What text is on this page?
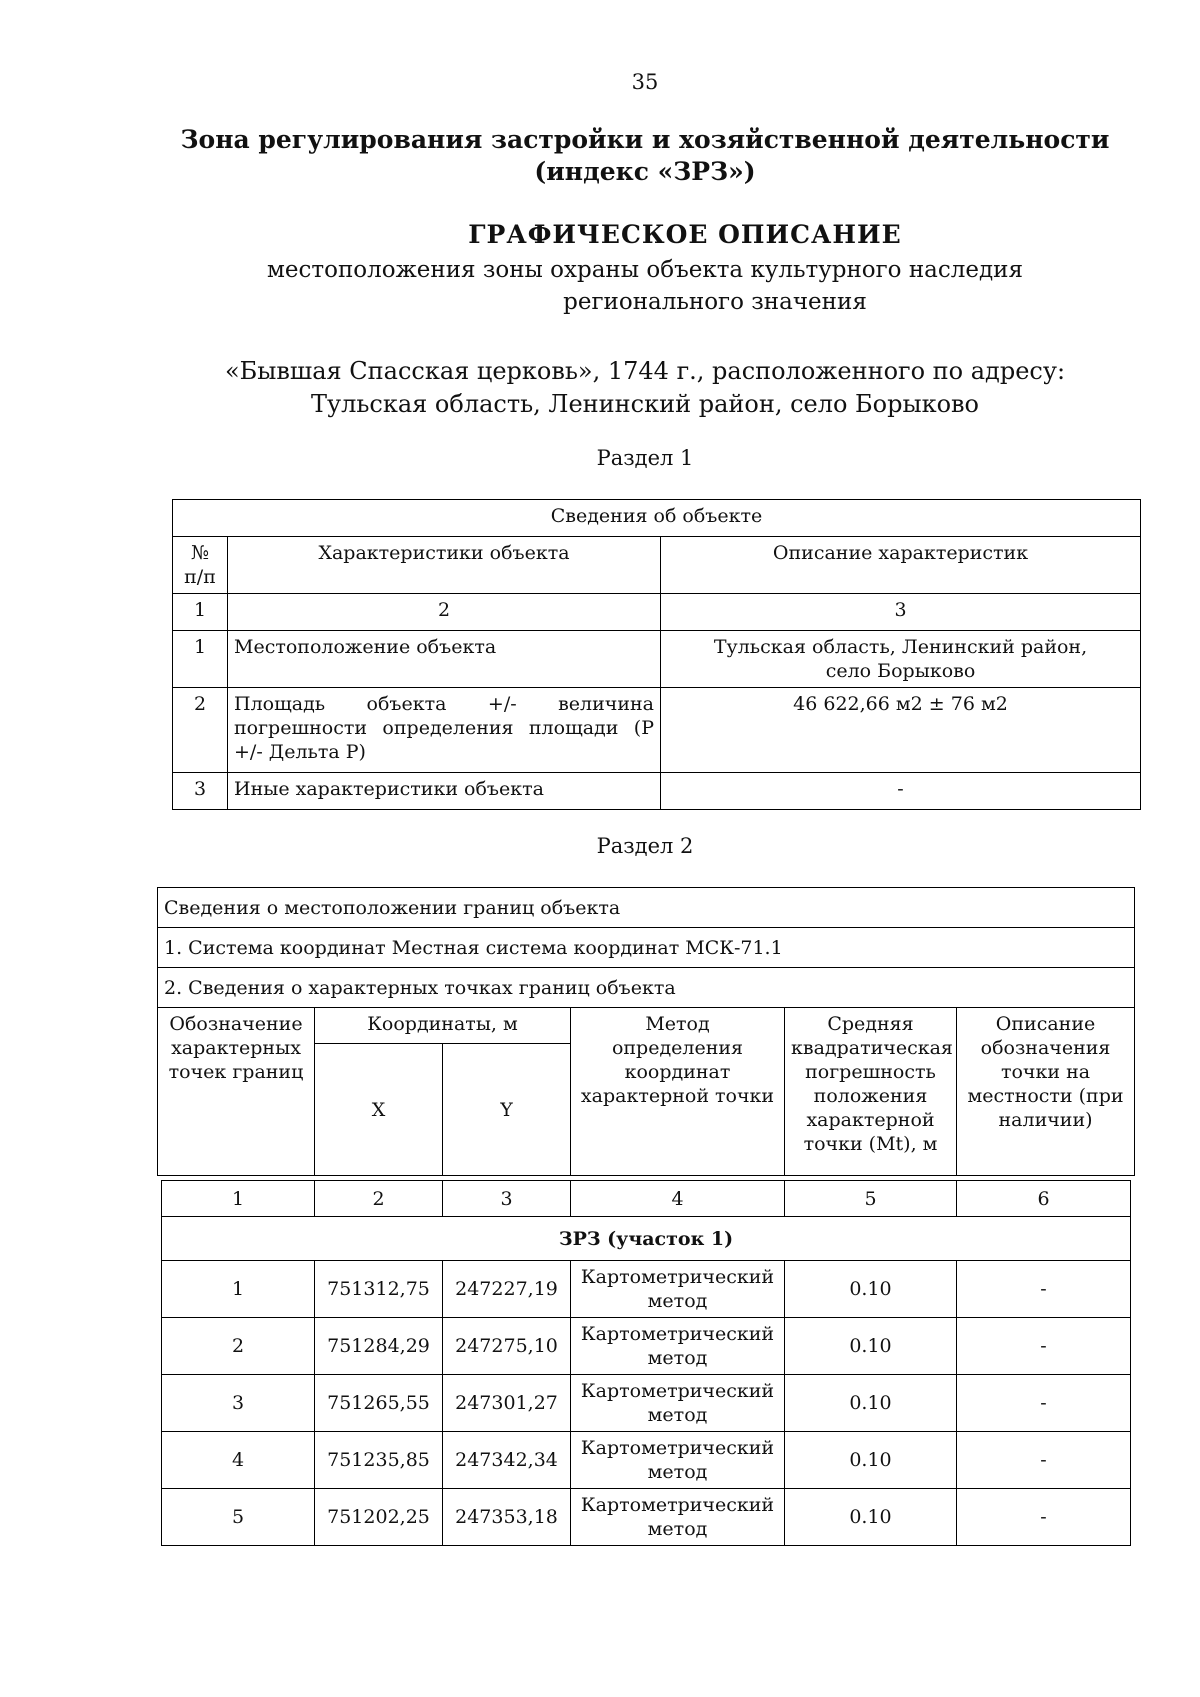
35
Зона регулирования застройки и хозяйственной деятельности
(индекс «ЗРЗ»)
ГРАФИЧЕСКОЕ ОПИСАНИЕ
местоположения зоны охраны объекта культурного наследия
регионального значения
«Бывшая Спасская церковь», 1744 г., расположенного по адресу:
Тульская область, Ленинский район, село Борыково
Раздел 1
Сведения об объекте		
№ п/п	Характеристики объекта	Описание характеристик
1	2	3
1	Местоположение объекта	Тульская область, Ленинский район, село Борыково
2	Площадь объекта +/- величина погрешности определения площади (Р +/- Дельта Р)	46 622,66 м2 ± 76 м2
3	Иные характеристики объекта	-
Раздел 2
Сведения о местоположении границ объекта					
1. Система координат Местная система координат МСК-71.1					
2. Сведения о характерных точках границ объекта					
Обозначение характерных точек границ	Координаты, м		Метод определения координат характерной точки	Средняя квадратическая погрешность положения характерной точки (Mt), м	Описание обозначения точки на местности (при наличии)
	X	Y			
1	2	3	4	5	6
ЗРЗ (участок 1)					
1	751312,75	247227,19	Картометрический метод	0.10	-
2	751284,29	247275,10	Картометрический метод	0.10	-
3	751265,55	247301,27	Картометрический метод	0.10	-
4	751235,85	247342,34	Картометрический метод	0.10	-
5	751202,25	247353,18	Картометрический метод	0.10	-
